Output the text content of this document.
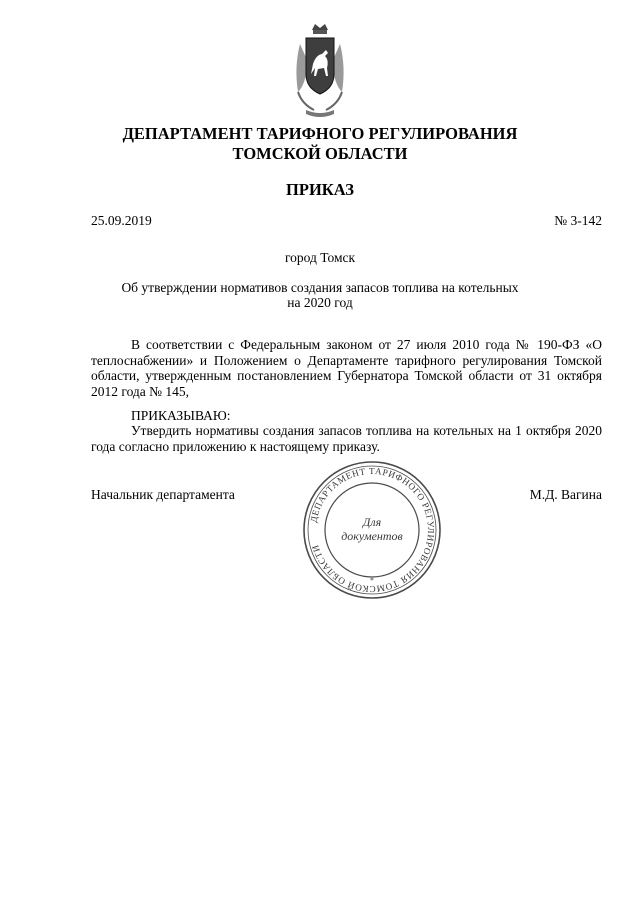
ДЕПАРТАМЕНТ ТАРИФНОГО РЕГУЛИРОВАНИЯ
ТОМСКОЙ ОБЛАСТИ
ПРИКАЗ
25.09.2019	№ 3-142
город Томск
Об утверждении нормативов создания запасов топлива на котельных
на 2020 год
В соответствии с Федеральным законом от 27 июля 2010 года № 190-ФЗ «О теплоснабжении» и Положением о Департаменте тарифного регулирования Томской области, утвержденным постановлением Губернатора Томской области от 31 октября 2012 года № 145,
ПРИКАЗЫВАЮ:
Утвердить нормативы создания запасов топлива на котельных на 1 октября 2020 года согласно приложению к настоящему приказу.
Начальник департамента	М.Д. Вагина
ДЕПАРТАМЕНТ ТАРИФНОГО РЕГУЛИРОВАНИЯ ТОМСКОЙ ОБЛАСТИ
Для
документов
*
